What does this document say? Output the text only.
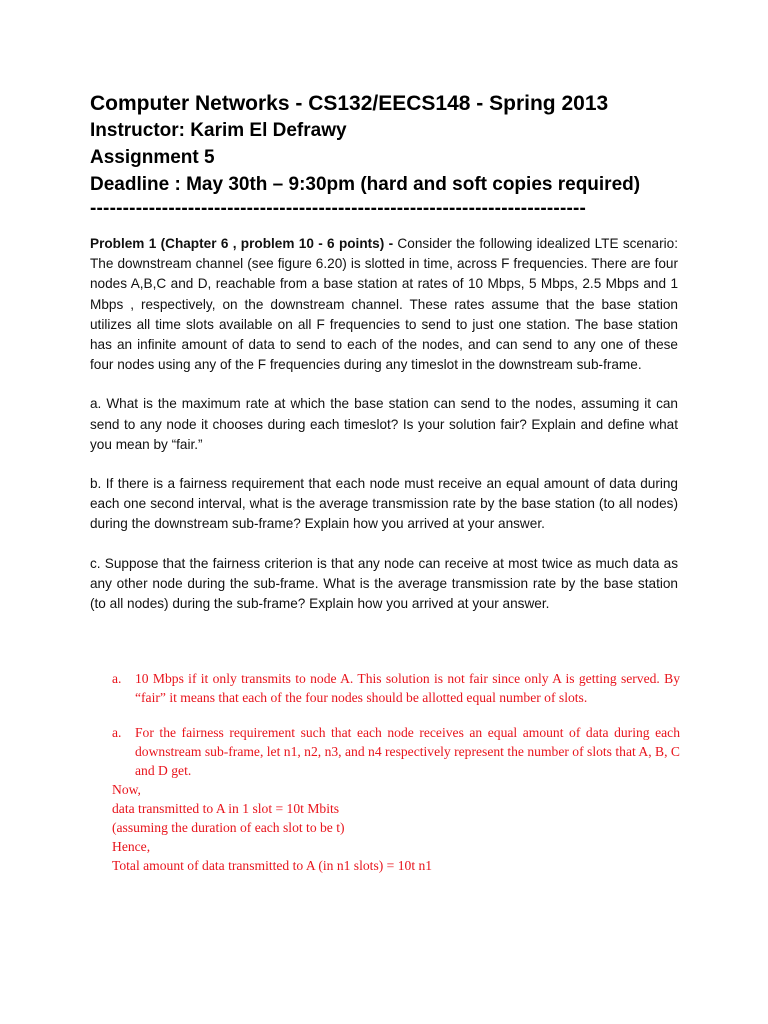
Computer Networks - CS132/EECS148 - Spring 2013
Instructor: Karim El Defrawy
Assignment 5
Deadline : May 30th – 9:30pm (hard and soft copies required)
----------------------------------------------------------------------------

Problem 1 (Chapter 6 , problem 10 - 6 points) - Consider the following idealized LTE scenario: The downstream channel (see figure 6.20) is slotted in time, across F frequencies. There are four nodes A,B,C and D, reachable from a base station at rates of 10 Mbps, 5 Mbps, 2.5 Mbps and 1 Mbps , respectively, on the downstream channel. These rates assume that the base station utilizes all time slots available on all F frequencies to send to just one station. The base station has an infinite amount of data to send to each of the nodes, and can send to any one of these four nodes using any of the F frequencies during any timeslot in the downstream sub-frame.

a. What is the maximum rate at which the base station can send to the nodes, assuming it can send to any node it chooses during each timeslot? Is your solution fair? Explain and define what you mean by “fair.”

b. If there is a fairness requirement that each node must receive an equal amount of data during each one second interval, what is the average transmission rate by the base station (to all nodes) during the downstream sub-frame? Explain how you arrived at your answer.

c. Suppose that the fairness criterion is that any node can receive at most twice as much data as any other node during the sub-frame. What is the average transmission rate by the base station (to all nodes) during the sub-frame? Explain how you arrived at your answer.

a. 10 Mbps if it only transmits to node A. This solution is not fair since only A is getting served. By “fair” it means that each of the four nodes should be allotted equal number of slots.
a. For the fairness requirement such that each node receives an equal amount of data during each downstream sub-frame, let n1, n2, n3, and n4 respectively represent the number of slots that A, B, C and D get.
Now,
data transmitted to A in 1 slot = 10t Mbits
(assuming the duration of each slot to be t)
Hence,
Total amount of data transmitted to A (in n1 slots) = 10t n1
